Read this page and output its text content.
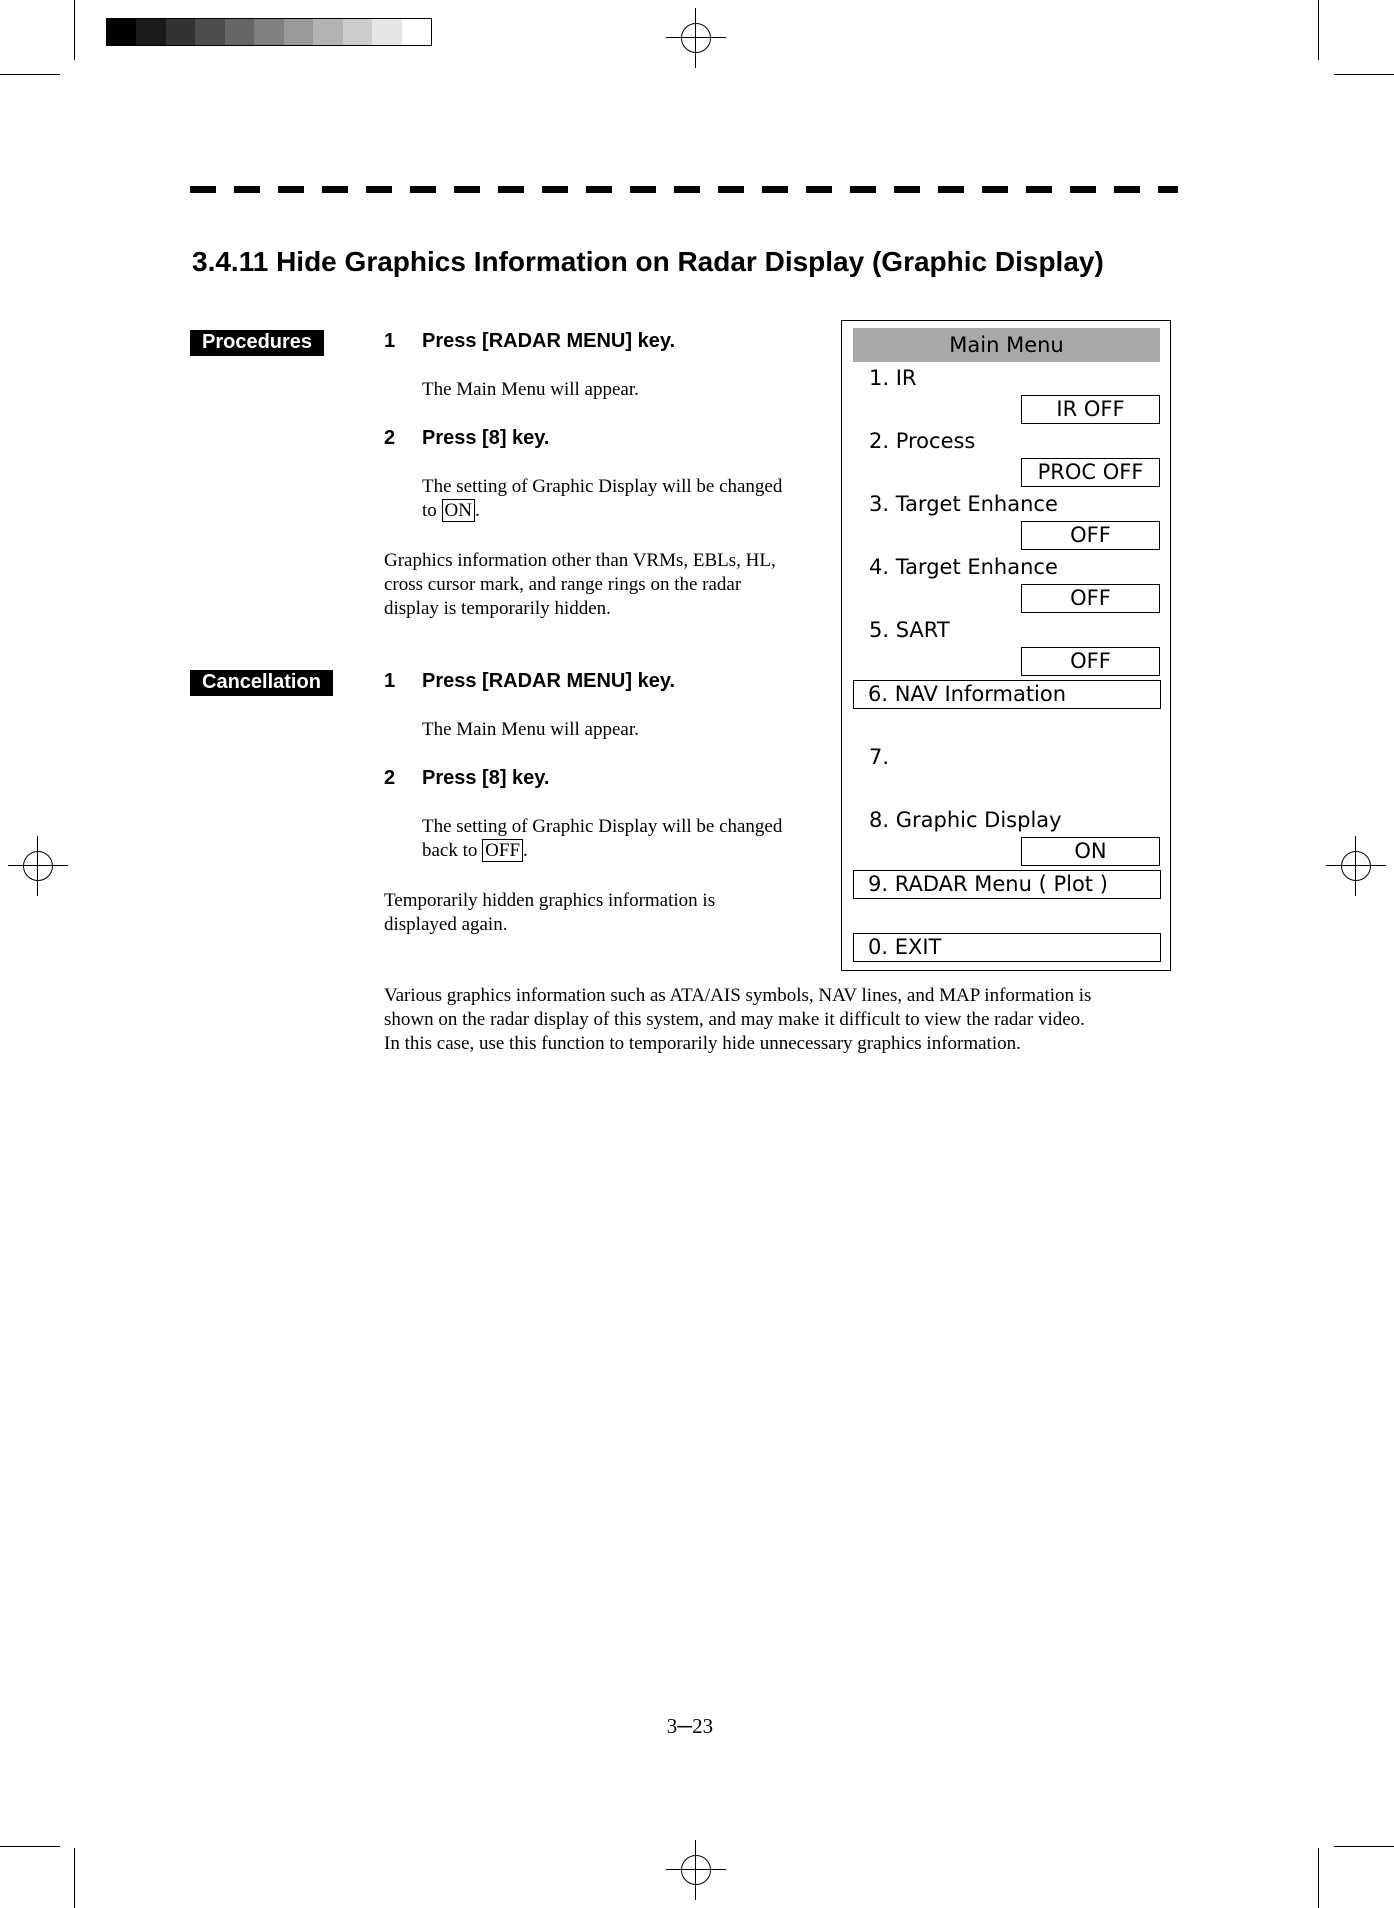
3.4.11 Hide Graphics Information on Radar Display (Graphic Display)
Procedures	1 Press [RADAR MENU] key.
The Main Menu will appear.
2 Press [8] key.
The setting of Graphic Display will be changed
to ON .
Graphics information other than VRMs, EBLs, HL,
cross cursor mark, and range rings on the radar
display is temporarily hidden.
Cancellation	1 Press [RADAR MENU] key.
The Main Menu will appear.
2 Press [8] key.
The setting of Graphic Display will be changed
back to OFF .
Temporarily hidden graphics information is
displayed again.
Main Menu
1. IR
IR OFF
2. Process
PROC OFF
3. Target Enhance
OFF
4. Target Enhance
OFF
5. SART
OFF
6. NAV Information
7.
8. Graphic Display
ON
9. RADAR Menu ( Plot )
0. EXIT
Various graphics information such as ATA/AIS symbols, NAV lines, and MAP information is
shown on the radar display of this system, and may make it difficult to view the radar video.
In this case, use this function to temporarily hide unnecessary graphics information.
3─23
